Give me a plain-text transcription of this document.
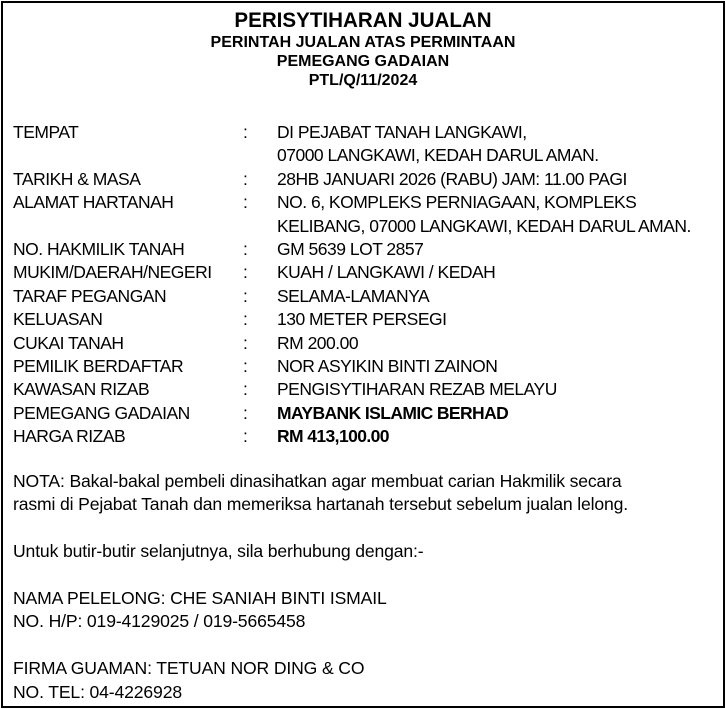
PERISYTIHARAN JUALAN
PERINTAH JUALAN ATAS PERMINTAAN
PEMEGANG GADAIAN
PTL/Q/11/2024
TEMPAT	:	DI PEJABAT TANAH LANGKAWI,
07000 LANGKAWI, KEDAH DARUL AMAN.
TARIKH & MASA	:	28HB JANUARI 2026 (RABU) JAM: 11.00 PAGI
ALAMAT HARTANAH	:	NO. 6, KOMPLEKS PERNIAGAAN, KOMPLEKS
KELIBANG, 07000 LANGKAWI, KEDAH DARUL AMAN.
NO. HAKMILIK TANAH	:	GM 5639 LOT 2857
MUKIM/DAERAH/NEGERI	:	KUAH / LANGKAWI / KEDAH
TARAF PEGANGAN	:	SELAMA-LAMANYA
KELUASAN	:	130 METER PERSEGI
CUKAI TANAH	:	RM 200.00
PEMILIK BERDAFTAR	:	NOR ASYIKIN BINTI ZAINON
KAWASAN RIZAB	:	PENGISYTIHARAN REZAB MELAYU
PEMEGANG GADAIAN	:	MAYBANK ISLAMIC BERHAD
HARGA RIZAB	:	RM 413,100.00

NOTA: Bakal-bakal pembeli dinasihatkan agar membuat carian Hakmilik secara

rasmi di Pejabat Tanah dan memeriksa hartanah tersebut sebelum jualan lelong.

Untuk butir-butir selanjutnya, sila berhubung dengan:-

NAMA PELELONG: CHE SANIAH BINTI ISMAIL

NO. H/P: 019-4129025 / 019-5665458

FIRMA GUAMAN: TETUAN NOR DING & CO

NO. TEL: 04-4226928
